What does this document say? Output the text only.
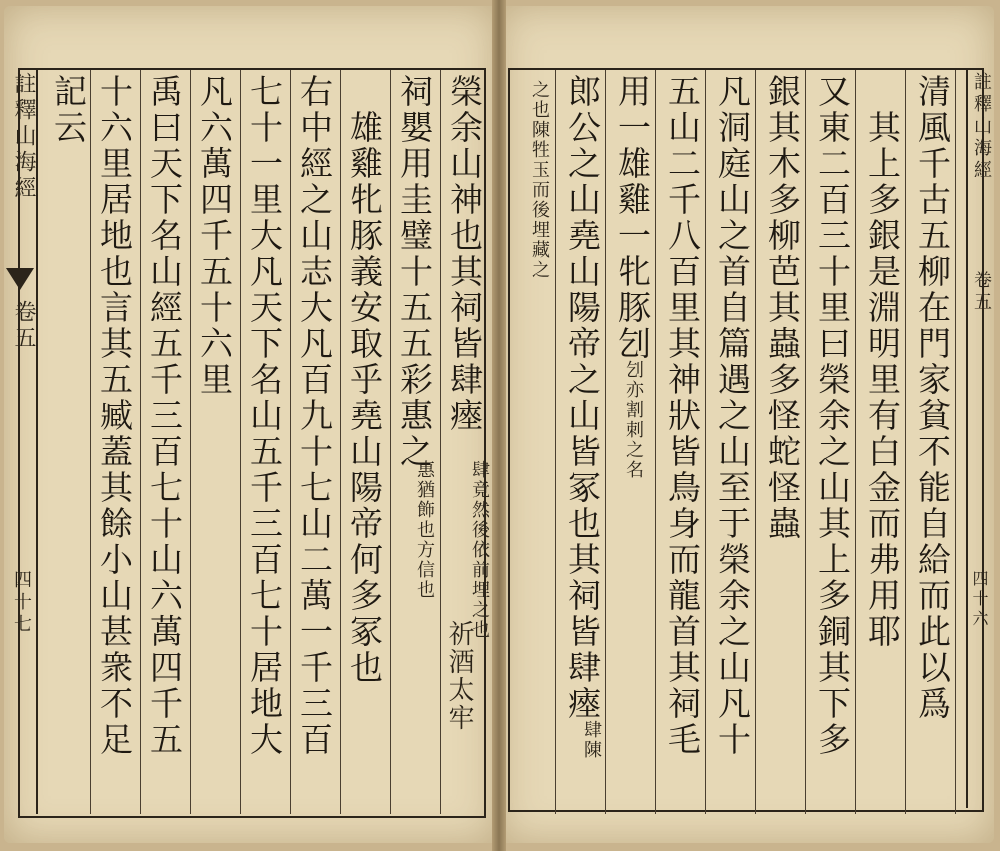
榮余山神也其祠皆肆瘞
肆竟然後依前埋之也
祠嬰用圭璧十五五彩惠之
惠猶飾也方信也
雄雞牝豚義安取乎堯山陽帝何多冢也
右中經之山志大凡百九十七山二萬一千三百
七十一里大凡天下名山五千三百七十居地大
凡六萬四千五十六里
禹曰天下名山經五千三百七十山六萬四千五
十六里居地也言其五臧蓋其餘小山甚衆不足
記云
祈酒太牢
註釋山海經
卷五
四十七	清風千古五柳在門家貧不能自給而此以爲
其上多銀是淵明里有白金而弗用耶
又東二百三十里曰榮余之山其上多銅其下多
銀其木多柳芭其蟲多怪蛇怪蟲
凡洞庭山之首自篇遇之山至于榮余之山凡十
五山二千八百里其神狀皆鳥身而龍首其祠毛
用一雄雞一牝豚刉
刉亦割刺之名
郎公之山堯山陽帝之山皆冢也其祠皆肆瘞
肆陳
之也陳牲玉而後埋藏之	註釋山海經
卷五
四十六
